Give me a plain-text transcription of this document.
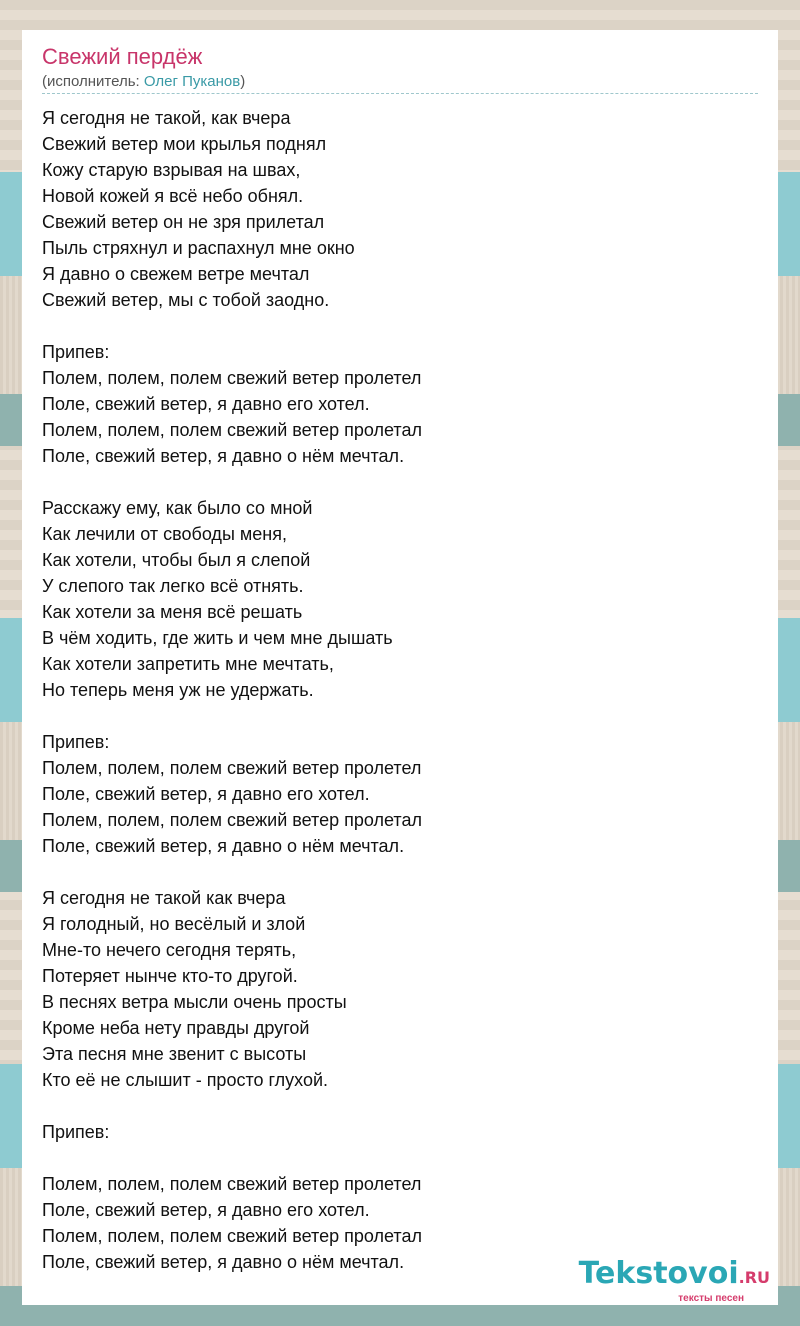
Свежий пердёж
(исполнитель: Олег Пуканов)
Я сегодня не такой, как вчера
Свежий ветер мои крылья поднял
Кожу старую взрывая на швах,
Новой кожей я всё небо обнял.
Свежий ветер он не зря прилетал
Пыль стряхнул и распахнул мне окно
Я давно о свежем ветре мечтал
Свежий ветер, мы с тобой заодно.
Припев:
Полем, полем, полем свежий ветер пролетел
Поле, свежий ветер, я давно его хотел.
Полем, полем, полем свежий ветер пролетал
Поле, свежий ветер, я давно о нём мечтал.
Расскажу ему, как было со мной
Как лечили от свободы меня,
Как хотели, чтобы был я слепой
У слепого так легко всё отнять.
Как хотели за меня всё решать
В чём ходить, где жить и чем мне дышать
Как хотели запретить мне мечтать,
Но теперь меня уж не удержать.
Припев:
Полем, полем, полем свежий ветер пролетел
Поле, свежий ветер, я давно его хотел.
Полем, полем, полем свежий ветер пролетал
Поле, свежий ветер, я давно о нём мечтал.
Я сегодня не такой как вчера
Я голодный, но весёлый и злой
Мне-то нечего сегодня терять,
Потеряет нынче кто-то другой.
В песнях ветра мысли очень просты
Кроме неба нету правды другой
Эта песня мне звенит с высоты
Кто её не слышит - просто глухой.
Припев:
Полем, полем, полем свежий ветер пролетел
Поле, свежий ветер, я давно его хотел.
Полем, полем, полем свежий ветер пролетал
Поле, свежий ветер, я давно о нём мечтал.	Tekstovoi.RU
тексты песен
